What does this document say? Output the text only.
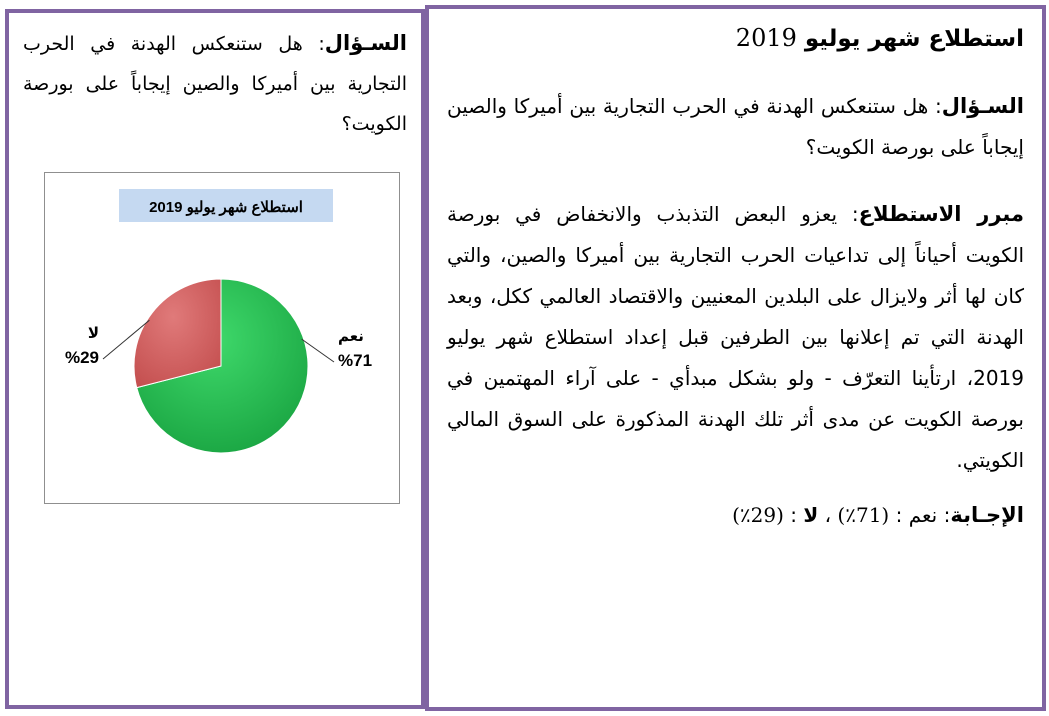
استطلاع شهر يوليو 2019
السـؤال: هل ستنعكس الهدنة في الحرب التجارية بين أميركا والصين إيجاباً على بورصة الكويت؟
مبرر الاستطلاع: يعزو البعض التذبذب والانخفاض في بورصة الكويت أحياناً إلى تداعيات الحرب التجارية بين أميركا والصين، والتي كان لها أثر ولايزال على البلدين المعنيين والاقتصاد العالمي ككل، وبعد الهدنة التي تم إعلانها بين الطرفين قبل إعداد استطلاع شهر يوليو 2019، ارتأينا التعرّف - ولو بشكل مبدأي - على آراء المهتمين في بورصة الكويت عن مدى أثر تلك الهدنة المذكورة على السوق المالي الكويتي.
الإجـابة: نعم : (71٪) ، لا : (29٪)
السـؤال: هل ستنعكس الهدنة في الحرب التجارية بين أميركا والصين إيجاباً على بورصة الكويت؟
استطلاع شهر يوليو 2019
نعم
%71
لا
%29
